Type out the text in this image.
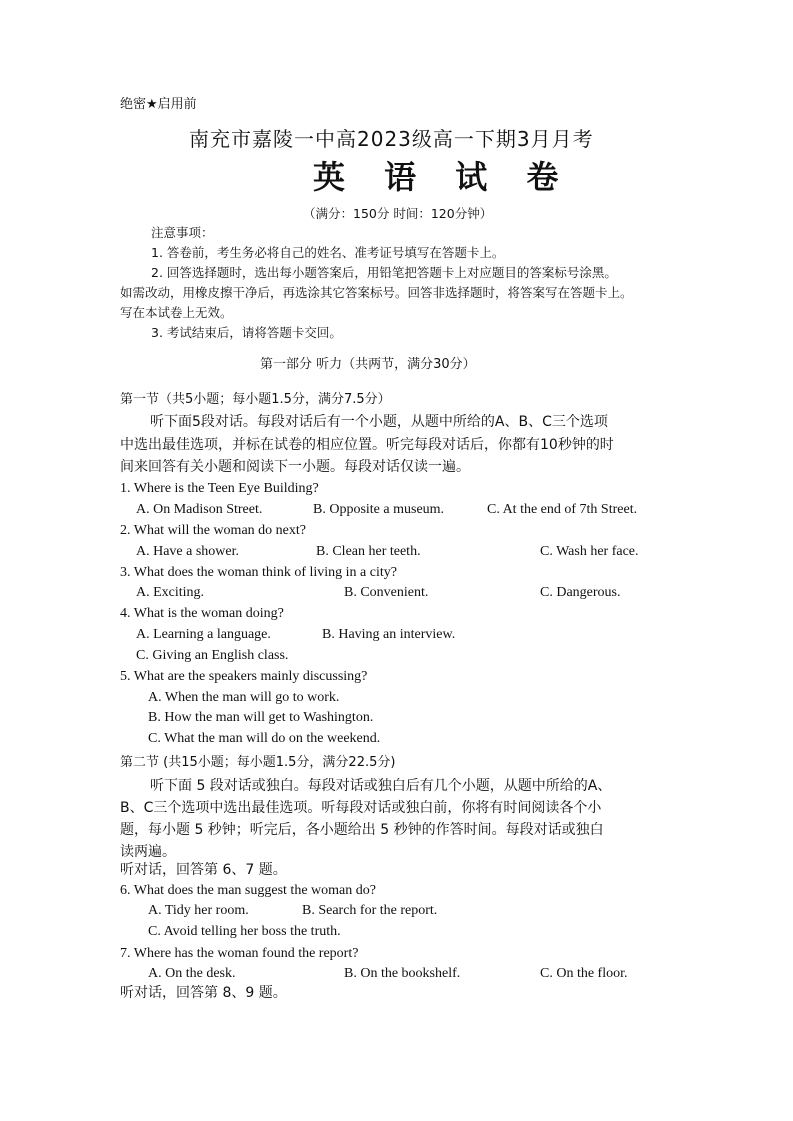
绝密★启用前
南充市嘉陵一中高2023级高一下期3月月考
英 语 试 卷
（满分：150分 时间：120分钟）
注意事项：
1. 答卷前，考生务必将自己的姓名、准考证号填写在答题卡上。
2. 回答选择题时，选出每小题答案后，用铅笔把答题卡上对应题目的答案标号涂黑。
如需改动，用橡皮擦干净后，再选涂其它答案标号。回答非选择题时，将答案写在答题卡上。
写在本试卷上无效。
3. 考试结束后，请将答题卡交回。
第一部分 听力（共两节，满分30分）
第一节（共5小题；每小题1.5分，满分7.5分）
听下面5段对话。每段对话后有一个小题，从题中所给的A、B、C三个选项
中选出最佳选项，并标在试卷的相应位置。听完每段对话后，你都有10秒钟的时
间来回答有关小题和阅读下一小题。每段对话仅读一遍。
1. Where is the Teen Eye Building?
A. On Madison Street.	B. Opposite a museum.	C. At the end of 7th Street.
2. What will the woman do next?
A. Have a shower.	B. Clean her teeth.	C. Wash her face.
3. What does the woman think of living in a city?
A. Exciting.	B. Convenient.	C. Dangerous.
4. What is the woman doing?
A. Learning a language.	B. Having an interview.
C. Giving an English class.
5. What are the speakers mainly discussing?
A. When the man will go to work.
B. How the man will get to Washington.
C. What the man will do on the weekend.
第二节 (共15小题；每小题1.5分，满分22.5分)
听下面 5 段对话或独白。每段对话或独白后有几个小题，从题中所给的A、
B、C三个选项中选出最佳选项。听每段对话或独白前，你将有时间阅读各个小
题，每小题 5 秒钟；听完后，各小题给出 5 秒钟的作答时间。每段对话或独白
读两遍。
听对话，回答第 6、7 题。
6. What does the man suggest the woman do?
A. Tidy her room.	B. Search for the report.
C. Avoid telling her boss the truth.
7. Where has the woman found the report?
A. On the desk.	B. On the bookshelf.	C. On the floor.
听对话，回答第 8、9 题。
